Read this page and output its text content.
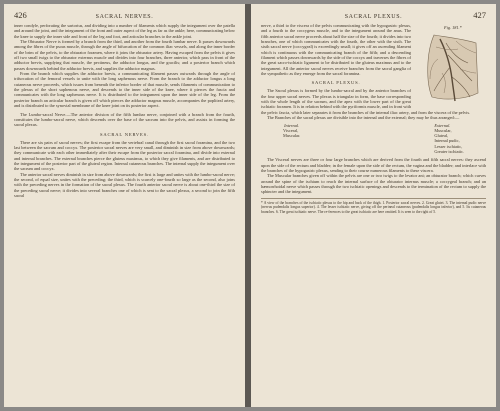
426	SACRAL NERVES.

inner condyle, perforating the sartorius, and dividing into a number of filaments which supply the integument over the patella and around the joint, and the integument of the front and outer aspect of the leg as far as the ankle; here, communicating below the knee to supply the inner side and front of the leg and foot, and articular branches to the ankle joint.

The Obturator Nerve is formed by a branch from the third, and another from the fourth lumbar nerve. It passes downwards among the fibres of the psoas muscle, through the angle of bifurcation of the common iliac vessels, and along the inner border of the brim of the pelvis, to the obturator foramen, where it joins the obturator artery. Having escaped from the pelvis it gives off two small twigs to the obturator externus muscle and divides into four branches, three anterior, which pass in front of the adductor brevis, supplying that muscle, the pectineus, the adductor longus, and the gracilis; and a posterior branch which passes downwards behind the adductor brevis, and supplies the adductor magnus.

From the branch which supplies the adductor brevis, a communicating filament passes outwards through the angle of trifurcation of the femoral vessels to unite with the long saphenous nerve. From the branch to the adductor longus a long cutaneous nerve proceeds, which issues from beneath the inferior border of that muscle, sends filaments of communication to the plexus of the short saphenous nerve, and descends to the inner side of the knee, where it pierces the fascia and communicates with the long saphenous nerve. It is distributed to the integument upon the inner side of the leg. From the posterior branch an articular branch is given off which pierces the adductor magnus muscle, accompanies the popliteal artery, and is distributed to the synovial membrane of the knee joint on its posterior aspect.

The Lumbo-sacral Nerve.—The anterior division of the fifth lumbar nerve, conjoined with a branch from the fourth, constitutes the lumbo-sacral nerve, which descends over the base of the sacrum into the pelvis, and assists in forming the sacral plexus.

SACRAL NERVES.

There are six pairs of sacral nerves; the first escape from the vertebral canal through the first sacral foramina, and the two last between the sacrum and coccyx. The posterior sacral nerves are very small, and diminish in size from above downwards; they communicate with each other immediately after their escape from the posterior sacral foramina, and divide into external and internal branches. The external branches pierce the gluteus maximus, to which they give filaments, and are distributed to the integument of the posterior part of the gluteal region. Internal cutaneous branches. The internal supply the integument over the sacrum and coccyx.

The anterior sacral nerves diminish in size from above downwards; the first is large and unites with the lumbo-sacral nerve; the second, of equal size, unites with the preceding; the third, which is scarcely one-fourth so large as the second, also joins with the preceding nerves in the formation of the sacral plexus. The fourth anterior sacral nerve is about one-third the size of the preceding sacral nerve; it divides into several branches one of which is sent to the sacral plexus, a second to join the fifth sacral

SACRAL PLEXUS.	427
Fig. 181.*

nerve, a third to the viscera of the pelvis communicating with the hypogastric plexus, and a fourth to the coccygeus muscle, and to the integument around the anus. The fifth anterior sacral nerve proceeds about half the size of the fourth; it divides into two branches, one of which communicates with the fourth, the other with the sixth. The sixth sacral nerve (coccygeal) is exceedingly small; it gives off an ascending filament which is continuous with the communicating branch of the fifth; and a descending filament which passes downwards by the side of the coccyx and traverses the fibres of the great sacro-ischiatic ligament to be distributed to the gluteus maximus and to the integument. All the anterior sacral nerves receive branches from the sacral ganglia of the sympathetic as they emerge from the sacral foramina.

SACRAL PLEXUS.

The Sacral plexus is formed by the lumbo-sacral and by the anterior branches of the four upper sacral nerves. The plexus is triangular in form, the base corresponding with the whole length of the sacrum, and the apex with the lower part of the great ischiatic foramen. It is in relation behind with the pyriformis muscle, and in front with the pelvic fascia, which later separates it from the branches of the internal iliac artery, and from the viscera of the pelvis.

The Branches of the sacral plexus are divisible into the internal and the external; they may be thus arranged:—

Internal.
Visceral,
Muscular.
External.
Muscular,
Gluteal,
Internal pudic,
Lesser ischiatic,
Greater ischiatic.

The Visceral nerves are three or four large branches which are derived from the fourth and fifth sacral nerves: they ascend upon the side of the rectum and bladder; in the female upon the side of the rectum, the vagina and the bladder; and interlace with the branches of the hypogastric plexus, sending to their course numerous filaments to these viscera.

The Muscular branches given off within the pelvis are one or two twigs to the levator ani; an obturator branch; which curves around the spine of the ischium to reach the internal surface of the obturator internus muscle; a coccygeal branch; and an hæmorrhoidal nerve which passes through the two ischiatic openings and descends to the termination of the rectum to supply the sphincter and the integument.

* A view of the branches of the ischiatic plexus to the hip and back of the thigh. 1. Posterior sacral nerves. 2. Great glutei. 3. The internal pudic nerve (nervus pudendalis longus superior). 4. The lesser ischiatic nerve, giving off the perineal cutaneous (pudendalis longus inferior), and 5. Its cutaneous branches. 6. The great ischiatic nerve. The re-ferences to the great ischiatic are here omitted. It is seen to the right of 5.
